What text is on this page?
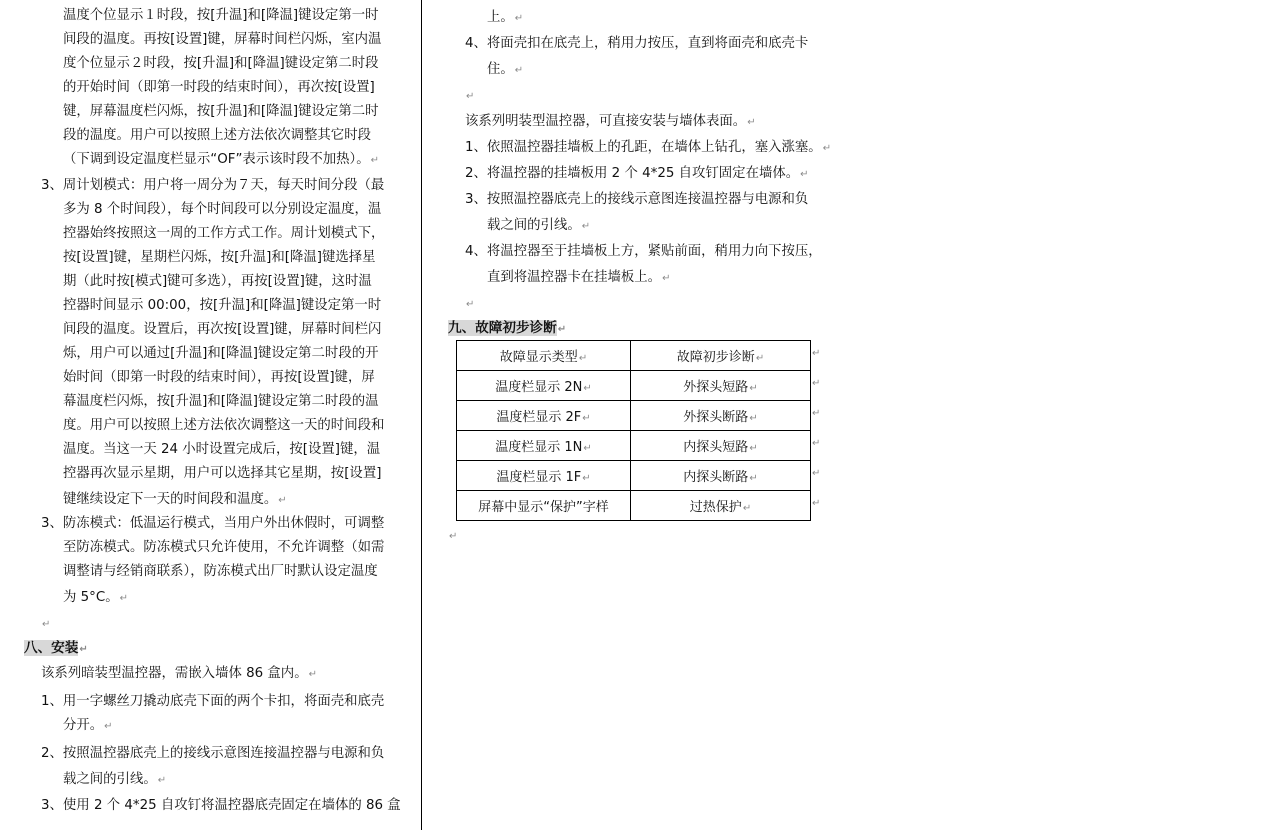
温度个位显示１时段，按[升温]和[降温]键设定第一时
间段的温度。再按[设置]键，屏幕时间栏闪烁，室内温
度个位显示２时段，按[升温]和[降温]键设定第二时段
的开始时间（即第一时段的结束时间），再次按[设置]
键，屏幕温度栏闪烁，按[升温]和[降温]键设定第二时
段的温度。用户可以按照上述方法依次调整其它时段
（下调到设定温度栏显示“OF”表示该时段不加热）。↵
3、周计划模式：用户将一周分为７天，每天时间分段（最
多为 8 个时间段），每个时间段可以分别设定温度，温
控器始终按照这一周的工作方式工作。周计划模式下，
按[设置]键，星期栏闪烁，按[升温]和[降温]键选择星
期（此时按[模式]键可多选），再按[设置]键，这时温
控器时间显示 00:00，按[升温]和[降温]键设定第一时
间段的温度。设置后，再次按[设置]键，屏幕时间栏闪
烁，用户可以通过[升温]和[降温]键设定第二时段的开
始时间（即第一时段的结束时间），再按[设置]键，屏
幕温度栏闪烁，按[升温]和[降温]键设定第二时段的温
度。用户可以按照上述方法依次调整这一天的时间段和
温度。当这一天 24 小时设置完成后，按[设置]键，温
控器再次显示星期，用户可以选择其它星期，按[设置]
键继续设定下一天的时间段和温度。↵
3、防冻模式：低温运行模式，当用户外出休假时，可调整
至防冻模式。防冻模式只允许使用，不允许调整（如需
调整请与经销商联系），防冻模式出厂时默认设定温度
为 5°C。↵
↵
八、安装↵
该系列暗装型温控器，需嵌入墙体 86 盒内。↵
1、用一字螺丝刀撬动底壳下面的两个卡扣，将面壳和底壳
分开。↵
2、按照温控器底壳上的接线示意图连接温控器与电源和负
载之间的引线。↵
3、使用 2 个 4*25 自攻钉将温控器底壳固定在墙体的 86 盒
上。↵
4、将面壳扣在底壳上，稍用力按压，直到将面壳和底壳卡
住。↵
↵
该系列明装型温控器，可直接安装与墙体表面。↵
1、依照温控器挂墙板上的孔距，在墙体上钻孔，塞入涨塞。↵
2、将温控器的挂墙板用 2 个 4*25 自攻钉固定在墙体。↵
3、按照温控器底壳上的接线示意图连接温控器与电源和负
载之间的引线。↵
4、将温控器至于挂墙板上方，紧贴前面，稍用力向下按压，
直到将温控器卡在挂墙板上。↵
↵
九、故障初步诊断↵
故障显示类型↵	故障初步诊断↵
温度栏显示 2N↵	外探头短路↵
温度栏显示 2F↵	外探头断路↵
温度栏显示 1N↵	内探头短路↵
温度栏显示 1F↵	内探头断路↵
屏幕中显示“保护”字样	过热保护↵
↵
↵
↵
↵
↵
↵
↵
